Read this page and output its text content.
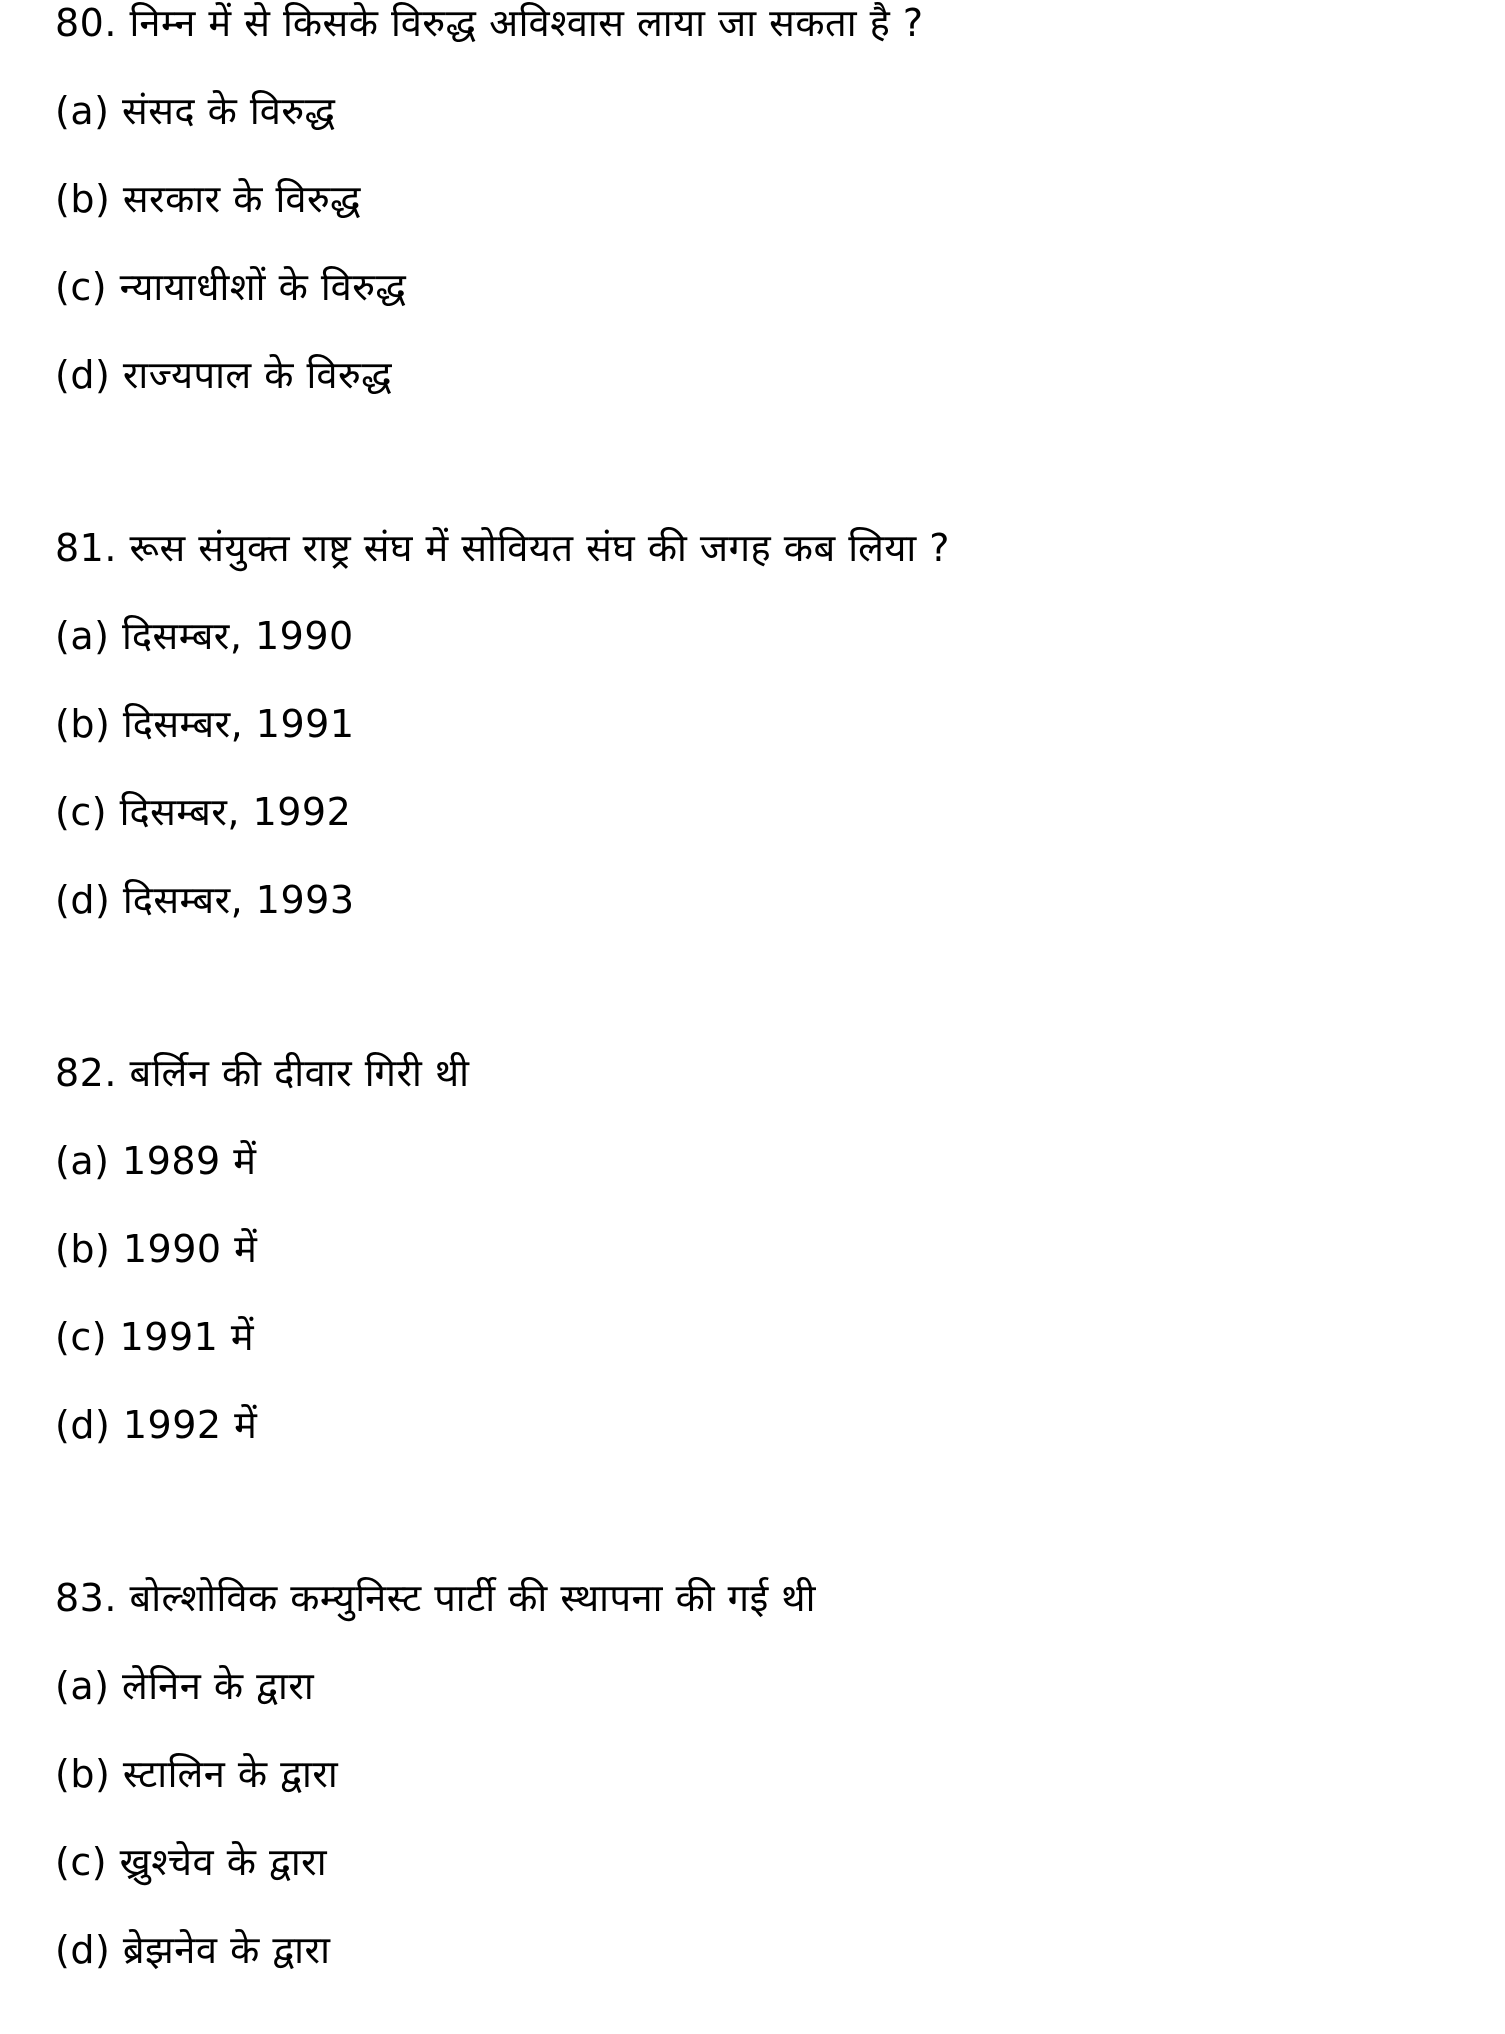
80. निम्न में से किसके विरुद्ध अविश्वास लाया जा सकता है ?
(a) संसद के विरुद्ध
(b) सरकार के विरुद्ध
(c) न्यायाधीशों के विरुद्ध
(d) राज्यपाल के विरुद्ध
81. रूस संयुक्त राष्ट्र संघ में सोवियत संघ की जगह कब लिया ?
(a) दिसम्बर, 1990
(b) दिसम्बर, 1991
(c) दिसम्बर, 1992
(d) दिसम्बर, 1993
82. बर्लिन की दीवार गिरी थी
(a) 1989 में
(b) 1990 में
(c) 1991 में
(d) 1992 में
83. बोल्शोविक कम्युनिस्ट पार्टी की स्थापना की गई थी
(a) लेनिन के द्वारा
(b) स्टालिन के द्वारा
(c) ख्रुश्चेव के द्वारा
(d) ब्रेझनेव के द्वारा
